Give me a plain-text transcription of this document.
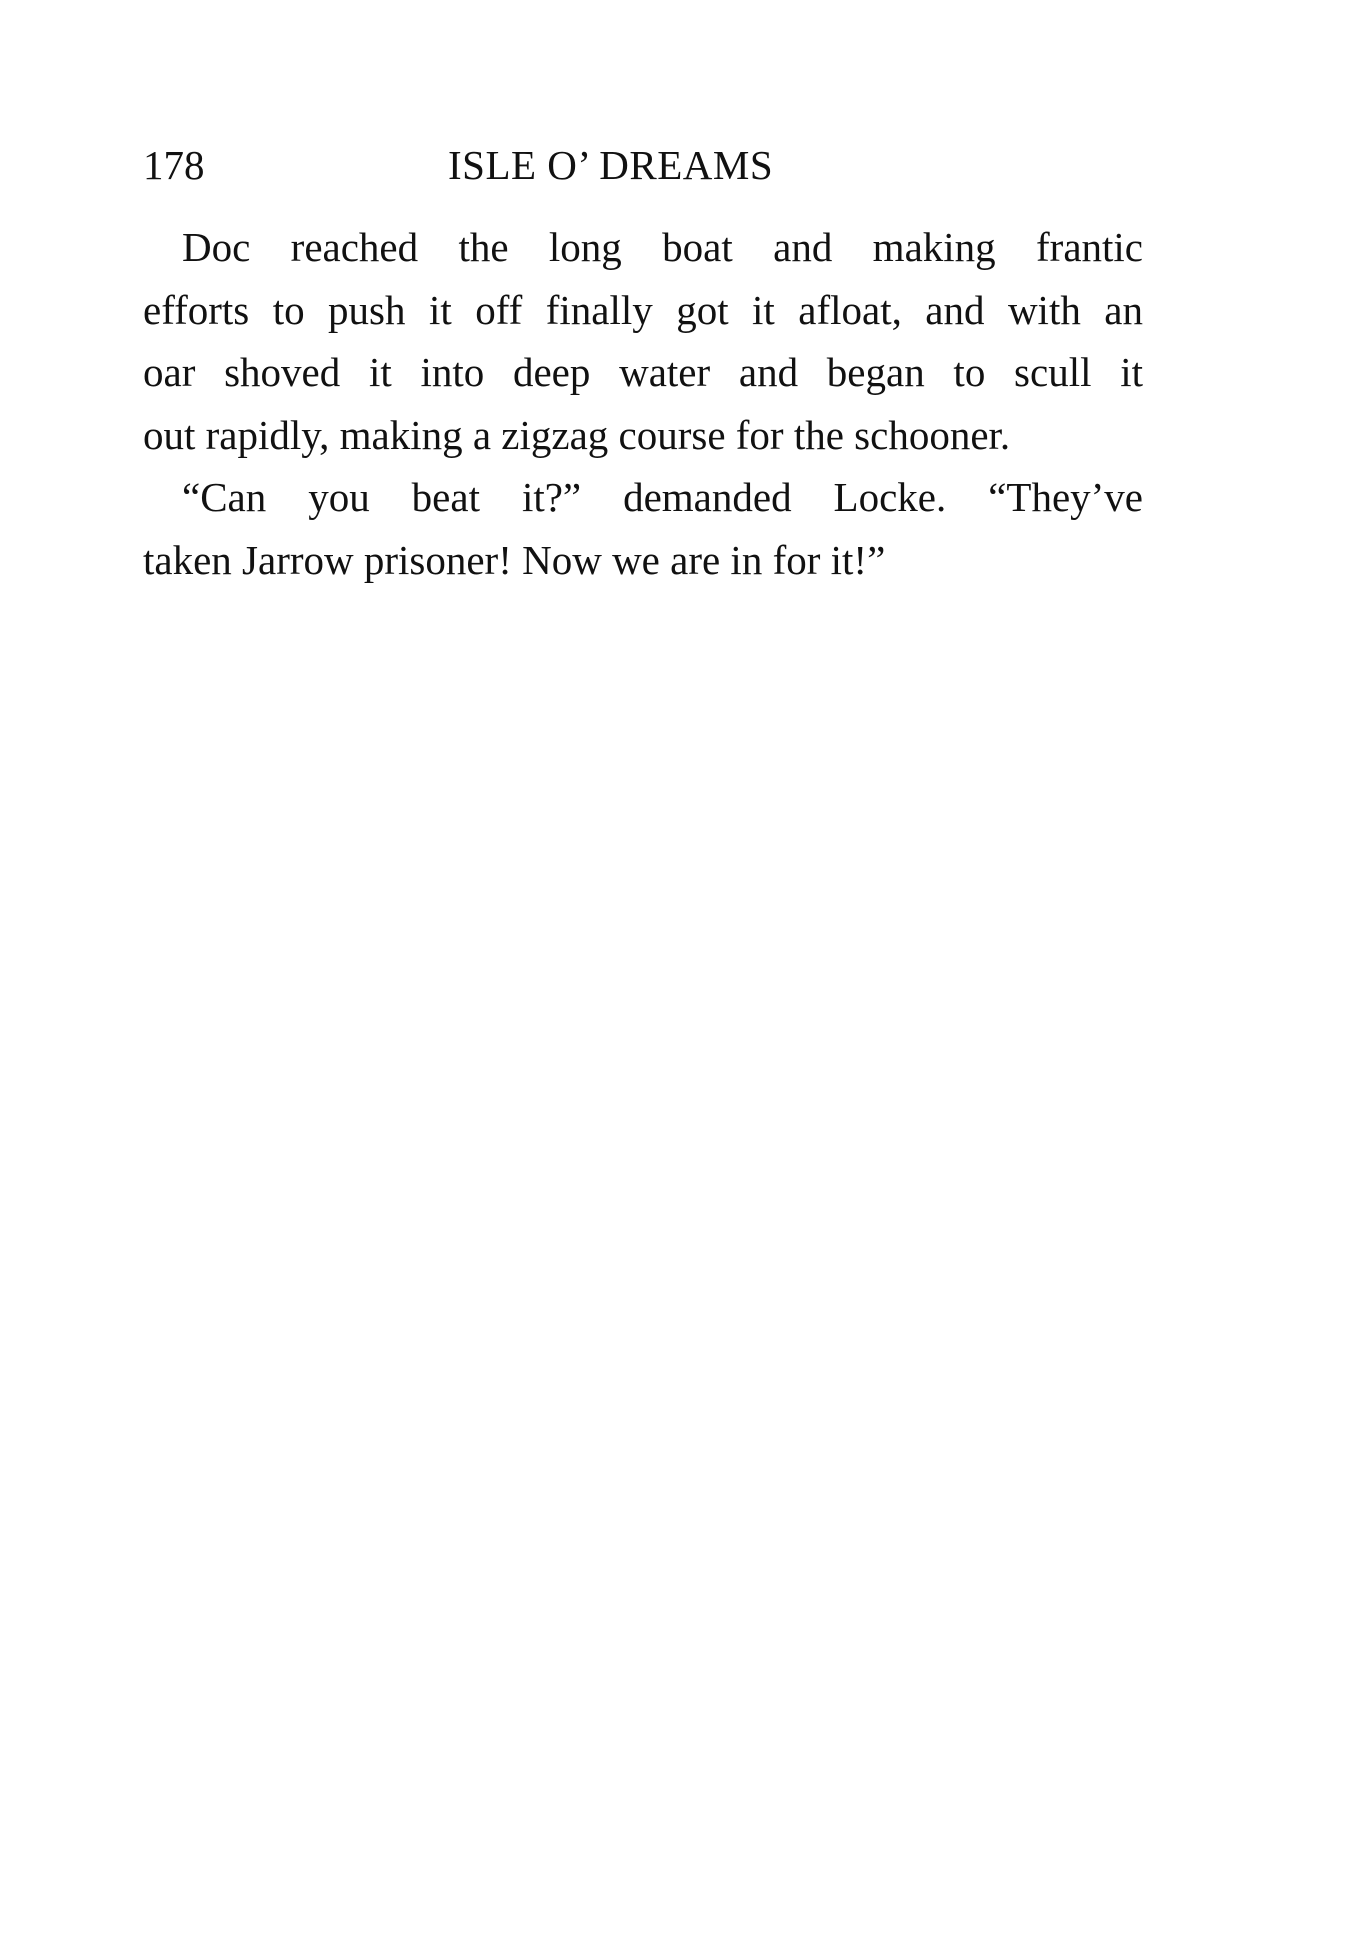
178	ISLE O’ DREAMS
Doc reached the long boat and making frantic
efforts to push it off finally got it afloat, and with an
oar shoved it into deep water and began to scull it
out rapidly, making a zigzag course for the schooner.
“Can you beat it?” demanded Locke. “They’ve
taken Jarrow prisoner! Now we are in for it!”
